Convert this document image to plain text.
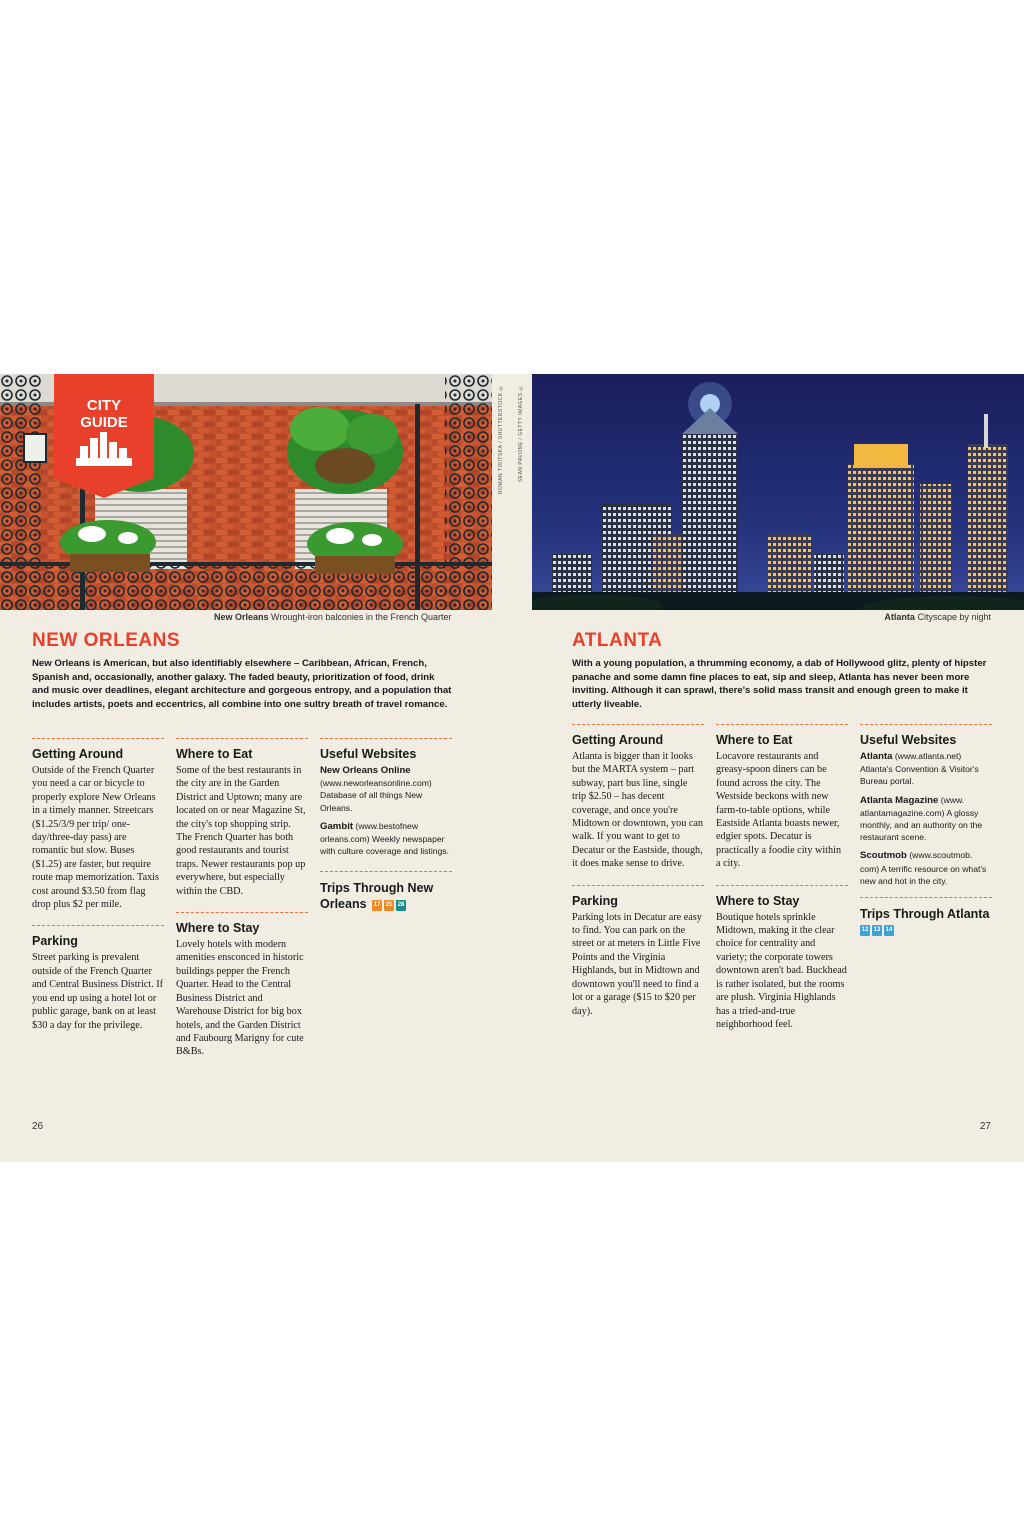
CITY
GUIDE	ROMAN TIRITSKA / SHUTTERSTOCK ©	SEAN PAVONE / GETTY IMAGES ©
New Orleans Wrought-iron balconies in the French Quarter	Atlanta Cityscape by night
NEW ORLEANS

New Orleans is American, but also identifiably elsewhere – Caribbean, African, French, Spanish and, occasionally, another galaxy. The faded beauty, prioritization of food, drink and music over deadlines, elegant architecture and gorgeous entropy, and a population that includes artists, poets and eccentrics, all combine into one sultry breath of travel romance.

Getting Around

Outside of the French Quarter you need a car or bicycle to properly explore New Orleans in a timely manner. Streetcars ($1.25/3/9 per trip/ one-day/three-day pass) are romantic but slow. Buses ($1.25) are faster, but require route map memorization. Taxis cost around $3.50 from flag drop plus $2 per mile.

Parking

Street parking is prevalent outside of the French Quarter and Central Business District. If you end up using a hotel lot or public garage, bank on at least $30 a day for the privilege.

Where to Eat

Some of the best restaurants in the city are in the Garden District and Uptown; many are located on or near Magazine St, the city's top shopping strip. The French Quarter has both good restaurants and tourist traps. Newer restaurants pop up everywhere, but especially within the CBD.

Where to Stay

Lovely hotels with modern amenities ensconced in historic buildings pepper the French Quarter. Head to the Central Business District and Warehouse District for big box hotels, and the Garden District and Faubourg Marigny for cute B&Bs.

Useful Websites

New Orleans Online
(www.neworleansonline.com) Database of all things New Orleans.

Gambit (www.bestofnew orleans.com) Weekly newspaper with culture coverage and listings.

Trips Through New Orleans 17 21 28
26
ATLANTA

With a young population, a thrumming economy, a dab of Hollywood glitz, plenty of hipster panache and some damn fine places to eat, sip and sleep, Atlanta has never been more inviting. Although it can sprawl, there's solid mass transit and enough green to make it utterly liveable.

Getting Around

Atlanta is bigger than it looks but the MARTA system – part subway, part bus line, single trip $2.50 – has decent coverage, and once you're Midtown or downtown, you can walk. If you want to get to Decatur or the Eastside, though, it does make sense to drive.

Parking

Parking lots in Decatur are easy to find. You can park on the street or at meters in Little Five Points and the Virginia Highlands, but in Midtown and downtown you'll need to find a lot or a garage ($15 to $20 per day).

Where to Eat

Locavore restaurants and greasy-spoon diners can be found across the city. The Westside beckons with new farm-to-table options, while Eastside Atlanta boasts newer, edgier spots. Decatur is practically a foodie city within a city.

Where to Stay

Boutique hotels sprinkle Midtown, making it the clear choice for centrality and variety; the corporate towers downtown aren't bad. Buckhead is rather isolated, but the rooms are plush. Virginia Highlands has a tried-and-true neighborhood feel.

Useful Websites

Atlanta (www.atlanta.net) Atlanta's Convention & Visitor's Bureau portal.

Atlanta Magazine (www. atlantamagazine.com) A glossy monthly, and an authority on the restaurant scene.

Scoutmob (www.scoutmob. com) A terrific resource on what's new and hot in the city.

Trips Through Atlanta
12 13 14
27
